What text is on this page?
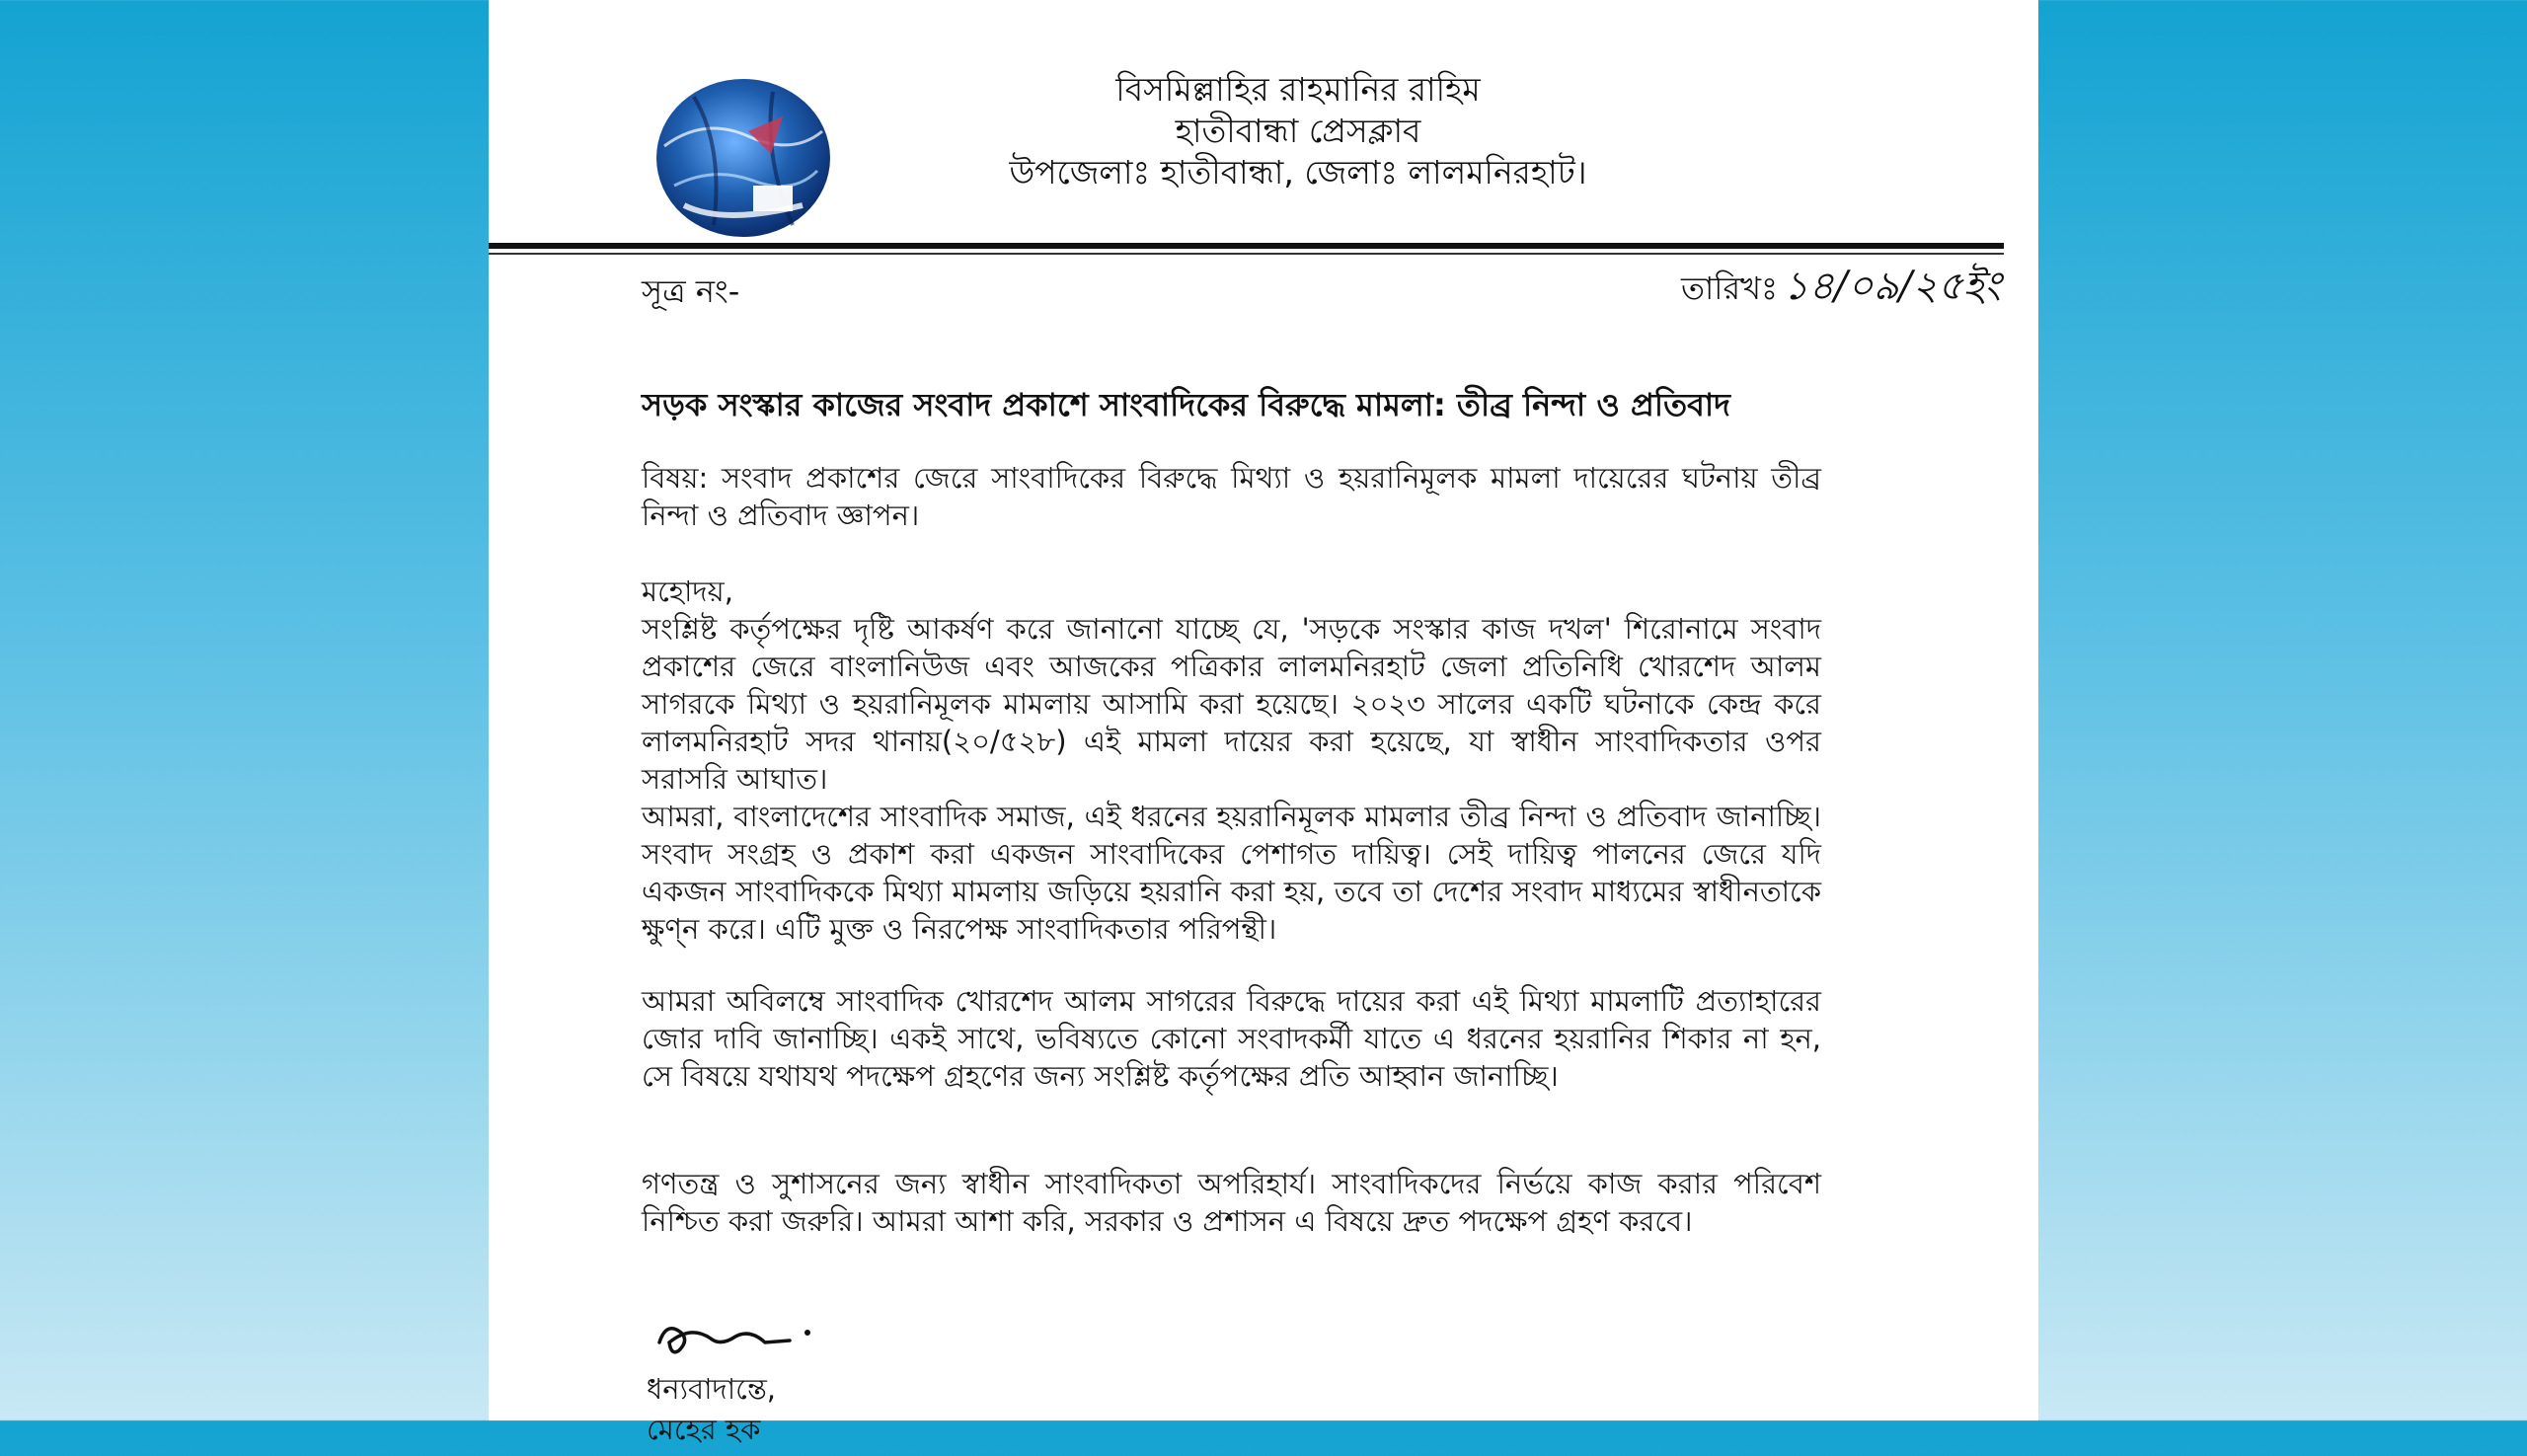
বিসমিল্লাহির রাহমানির রাহিম
হাতীবান্ধা প্রেসক্লাব
উপজেলাঃ হাতীবান্ধা, জেলাঃ লালমনিরহাট।
সূত্র নং-	তারিখঃ ১৪/০৯/২৫ইং
সড়ক সংস্কার কাজের সংবাদ প্রকাশে সাংবাদিকের বিরুদ্ধে মামলা: তীব্র নিন্দা ও প্রতিবাদ

বিষয়: সংবাদ প্রকাশের জেরে সাংবাদিকের বিরুদ্ধে মিথ্যা ও হয়রানিমূলক মামলা দায়েরের ঘটনায় তীব্র নিন্দা ও প্রতিবাদ জ্ঞাপন।

মহোদয়,

সংশ্লিষ্ট কর্তৃপক্ষের দৃষ্টি আকর্ষণ করে জানানো যাচ্ছে যে, 'সড়কে সংস্কার কাজ দখল' শিরোনামে সংবাদ প্রকাশের জেরে বাংলানিউজ এবং আজকের পত্রিকার লালমনিরহাট জেলা প্রতিনিধি খোরশেদ আলম সাগরকে মিথ্যা ও হয়রানিমূলক মামলায় আসামি করা হয়েছে। ২০২৩ সালের একটি ঘটনাকে কেন্দ্র করে লালমনিরহাট সদর থানায়(২০/৫২৮) এই মামলা দায়ের করা হয়েছে, যা স্বাধীন সাংবাদিকতার ওপর সরাসরি আঘাত।

আমরা, বাংলাদেশের সাংবাদিক সমাজ, এই ধরনের হয়রানিমূলক মামলার তীব্র নিন্দা ও প্রতিবাদ জানাচ্ছি। সংবাদ সংগ্রহ ও প্রকাশ করা একজন সাংবাদিকের পেশাগত দায়িত্ব। সেই দায়িত্ব পালনের জেরে যদি একজন সাংবাদিককে মিথ্যা মামলায় জড়িয়ে হয়রানি করা হয়, তবে তা দেশের সংবাদ মাধ্যমের স্বাধীনতাকে ক্ষুণ্ন করে। এটি মুক্ত ও নিরপেক্ষ সাংবাদিকতার পরিপন্থী।

আমরা অবিলম্বে সাংবাদিক খোরশেদ আলম সাগরের বিরুদ্ধে দায়ের করা এই মিথ্যা মামলাটি প্রত্যাহারের জোর দাবি জানাচ্ছি। একই সাথে, ভবিষ্যতে কোনো সংবাদকর্মী যাতে এ ধরনের হয়রানির শিকার না হন, সে বিষয়ে যথাযথ পদক্ষেপ গ্রহণের জন্য সংশ্লিষ্ট কর্তৃপক্ষের প্রতি আহ্বান জানাচ্ছি।

গণতন্ত্র ও সুশাসনের জন্য স্বাধীন সাংবাদিকতা অপরিহার্য। সাংবাদিকদের নির্ভয়ে কাজ করার পরিবেশ নিশ্চিত করা জরুরি। আমরা আশা করি, সরকার ও প্রশাসন এ বিষয়ে দ্রুত পদক্ষেপ গ্রহণ করবে।

ধন্যবাদান্তে,
মেহের হক
